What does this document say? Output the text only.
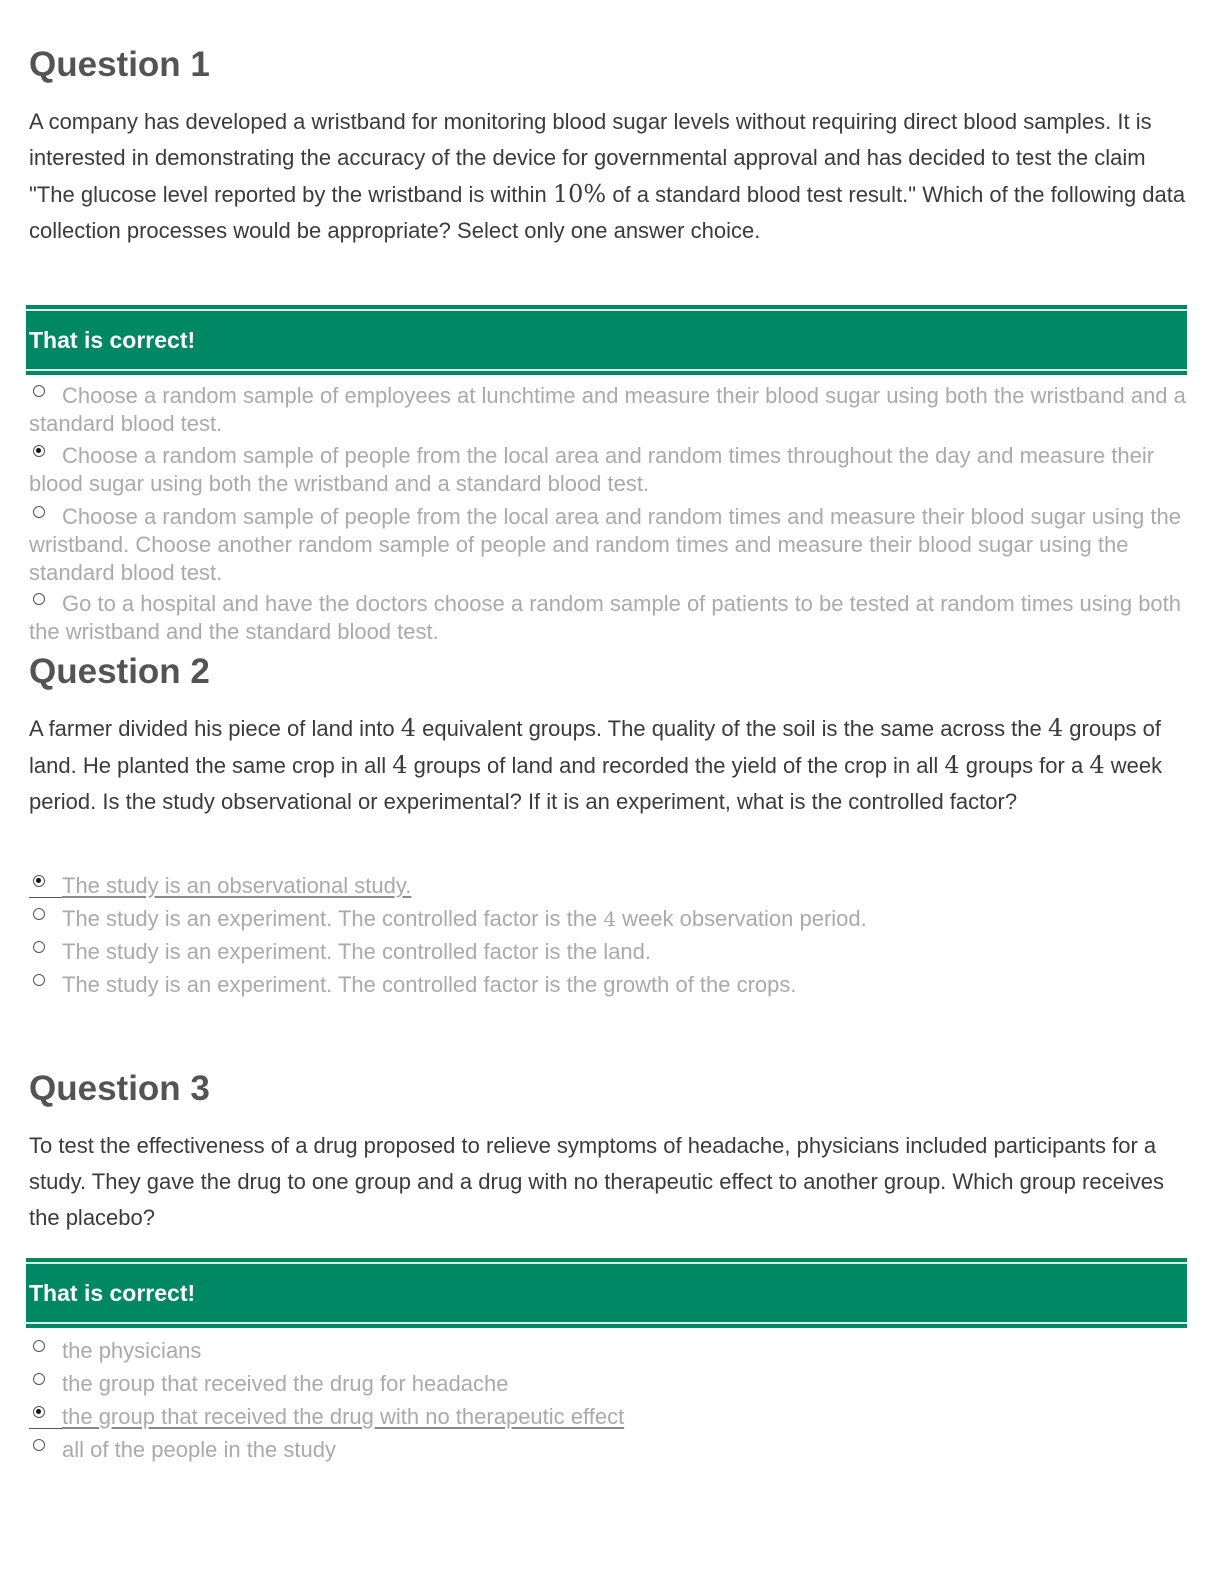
Question 1

A company has developed a wristband for monitoring blood sugar levels without requiring direct blood samples. It is interested in demonstrating the accuracy of the device for governmental approval and has decided to test the claim "The glucose level reported by the wristband is within 10% of a standard blood test result." Which of the following data collection processes would be appropriate? Select only one answer choice.

That is correct!
Choose a random sample of employees at lunchtime and measure their blood sugar using both the wristband and a standard blood test.
Choose a random sample of people from the local area and random times throughout the day and measure their blood sugar using both the wristband and a standard blood test.
Choose a random sample of people from the local area and random times and measure their blood sugar using the wristband. Choose another random sample of people and random times and measure their blood sugar using the standard blood test.
Go to a hospital and have the doctors choose a random sample of patients to be tested at random times using both the wristband and the standard blood test.
Question 2

A farmer divided his piece of land into 4 equivalent groups. The quality of the soil is the same across the 4 groups of land. He planted the same crop in all 4 groups of land and recorded the yield of the crop in all 4 groups for a 4 week period. Is the study observational or experimental? If it is an experiment, what is the controlled factor?

The study is an observational study.
The study is an experiment. The controlled factor is the 4 week observation period.
The study is an experiment. The controlled factor is the land.
The study is an experiment. The controlled factor is the growth of the crops.
Question 3

To test the effectiveness of a drug proposed to relieve symptoms of headache, physicians included participants for a study. They gave the drug to one group and a drug with no therapeutic effect to another group. Which group receives the placebo?

That is correct!
the physicians
the group that received the drug for headache
the group that received the drug with no therapeutic effect
all of the people in the study
